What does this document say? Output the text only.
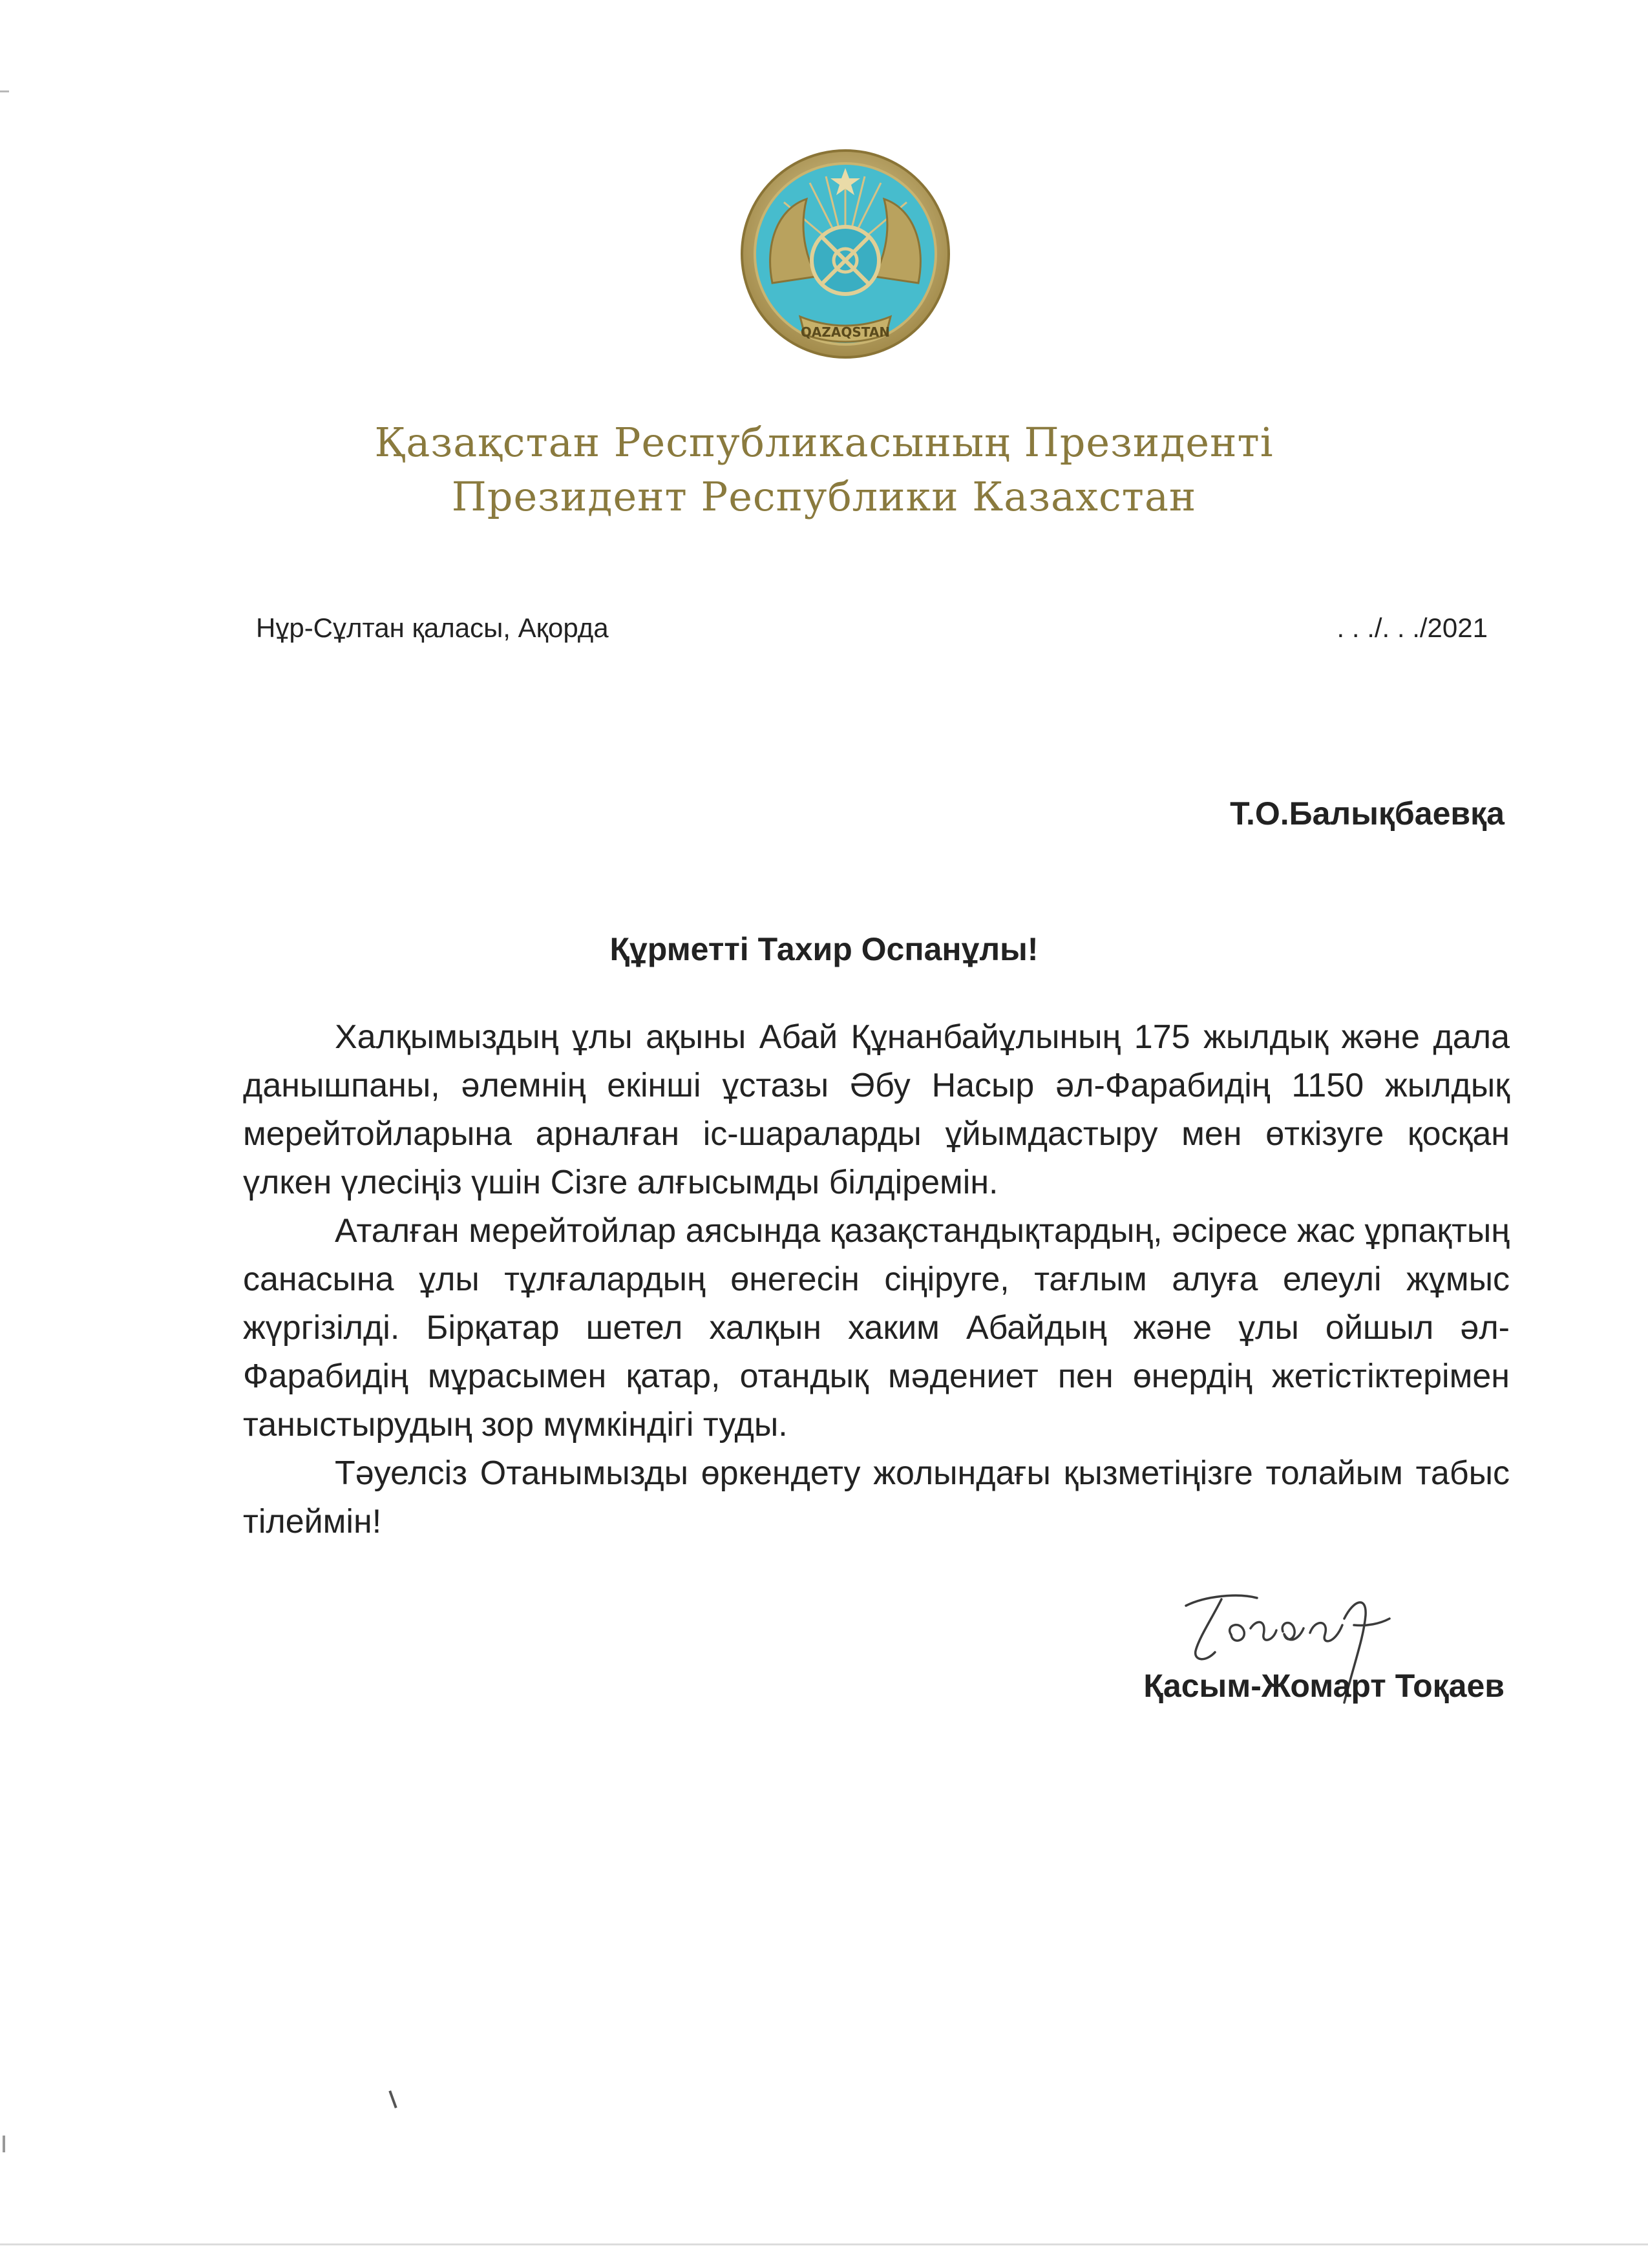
QAZAQSTAN
Қазақстан Республикасының Президенті
Президент Республики Казахстан
Нұр-Сұлтан қаласы, Ақорда	. . ./. . ./2021
Т.О.Балықбаевқа
Құрметті Тахир Оспанұлы!

Халқымыздың ұлы ақыны Абай Құнанбайұлының 175 жылдық және дала данышпаны, әлемнің екінші ұстазы Әбу Насыр әл-Фарабидің 1150 жылдық мерейтойларына арналған іс-шараларды ұйымдастыру мен өткізуге қосқан үлкен үлесіңіз үшін Сізге алғысымды білдіремін.

Аталған мерейтойлар аясында қазақстандықтардың, әсіресе жас ұрпақтың санасына ұлы тұлғалардың өнегесін сіңіруге, тағлым алуға елеулі жұмыс жүргізілді. Бірқатар шетел халқын хаким Абайдың және ұлы ойшыл әл-Фарабидің мұрасымен қатар, отандық мәдениет пен өнердің жетістіктерімен таныстырудың зор мүмкіндігі туды.

Тәуелсіз Отанымызды өркендету жолындағы қызметіңізге толайым табыс тілеймін!

Қасым-Жомарт Тоқаев
